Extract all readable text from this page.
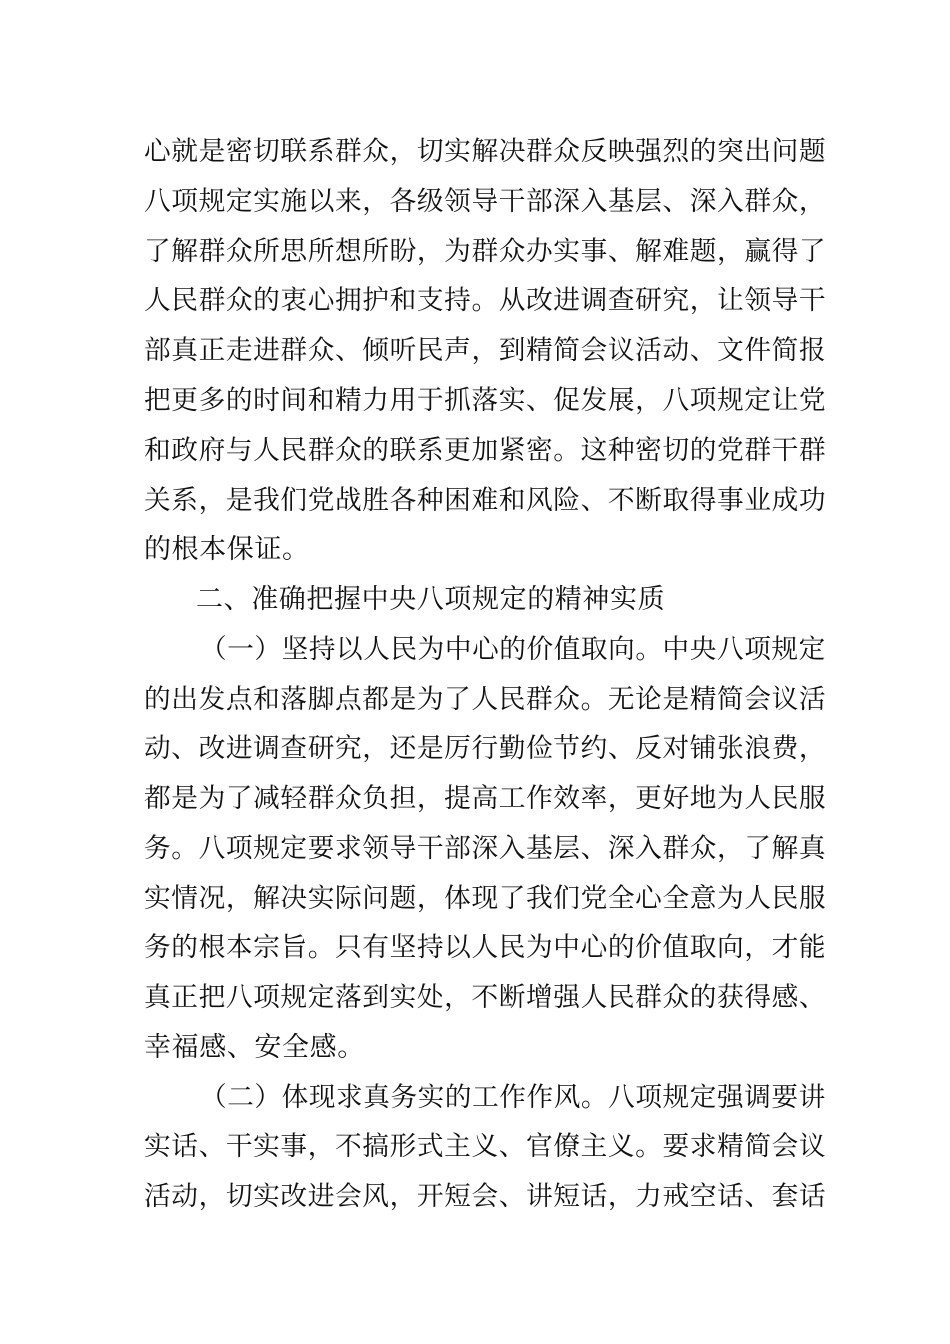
心就是密切联系群众，切实解决群众反映强烈的突出问题
八项规定实施以来，各级领导干部深入基层、深入群众，
了解群众所思所想所盼，为群众办实事、解难题，赢得了
人民群众的衷心拥护和支持。从改进调查研究，让领导干
部真正走进群众、倾听民声，到精简会议活动、文件简报
把更多的时间和精力用于抓落实、促发展，八项规定让党
和政府与人民群众的联系更加紧密。这种密切的党群干群
关系，是我们党战胜各种困难和风险、不断取得事业成功
的根本保证。
二、准确把握中央八项规定的精神实质
（一）坚持以人民为中心的价值取向。中央八项规定
的出发点和落脚点都是为了人民群众。无论是精简会议活
动、改进调查研究，还是厉行勤俭节约、反对铺张浪费，
都是为了减轻群众负担，提高工作效率，更好地为人民服
务。八项规定要求领导干部深入基层、深入群众，了解真
实情况，解决实际问题，体现了我们党全心全意为人民服
务的根本宗旨。只有坚持以人民为中心的价值取向，才能
真正把八项规定落到实处，不断增强人民群众的获得感、
幸福感、安全感。
（二）体现求真务实的工作作风。八项规定强调要讲
实话、干实事，不搞形式主义、官僚主义。要求精简会议
活动，切实改进会风，开短会、讲短话，力戒空话、套话
